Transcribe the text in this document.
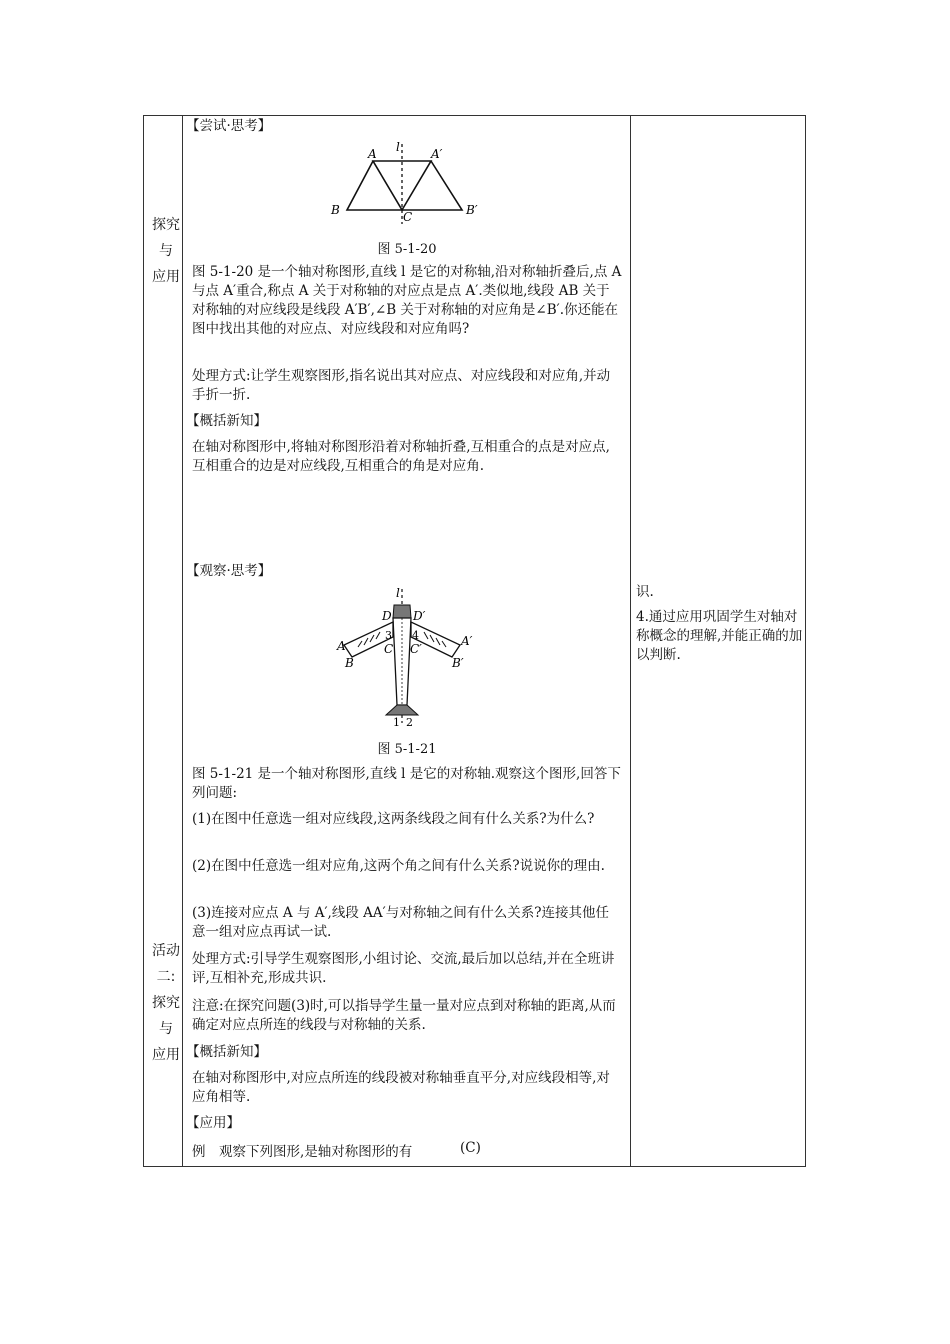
探究
与
应用
活动
二:
探究
与
应用
【尝试·思考】
A l	A′
B	C	B′
图 5-1-20
图 5-1-20 是一个轴对称图形,直线 l 是它的对称轴,沿对称轴折叠后,点 A 与点 A′重合,称点 A 关于对称轴的对应点是点 A′.类似地,线段 AB 关于对称轴的对应线段是线段 A′B′,∠B 关于对称轴的对应角是∠B′.你还能在图中找出其他的对应点、对应线段和对应角吗?
处理方式:让学生观察图形,指名说出其对应点、对应线段和对应角,并动手折一折.
【概括新知】
在轴对称图形中,将轴对称图形沿着对称轴折叠,互相重合的点是对应点,互相重合的边是对应线段,互相重合的角是对应角.
【观察·思考】
l
D D′
A
3 4	A′
C C′
B	B′
1 2
图 5-1-21
图 5-1-21 是一个轴对称图形,直线 l 是它的对称轴.观察这个图形,回答下列问题:
(1)在图中任意选一组对应线段,这两条线段之间有什么关系?为什么?
(2)在图中任意选一组对应角,这两个角之间有什么关系?说说你的理由.
(3)连接对应点 A 与 A′,线段 AA′与对称轴之间有什么关系?连接其他任意一组对应点再试一试.
处理方式:引导学生观察图形,小组讨论、交流,最后加以总结,并在全班讲评,互相补充,形成共识.
注意:在探究问题(3)时,可以指导学生量一量对应点到对称轴的距离,从而确定对应点所连的线段与对称轴的关系.
【概括新知】
在轴对称图形中,对应点所连的线段被对称轴垂直平分,对应线段相等,对应角相等.
【应用】
例　观察下列图形,是轴对称图形的有	(C)
识.
4.通过应用巩固学生对轴对称概念的理解,并能正确的加以判断.
